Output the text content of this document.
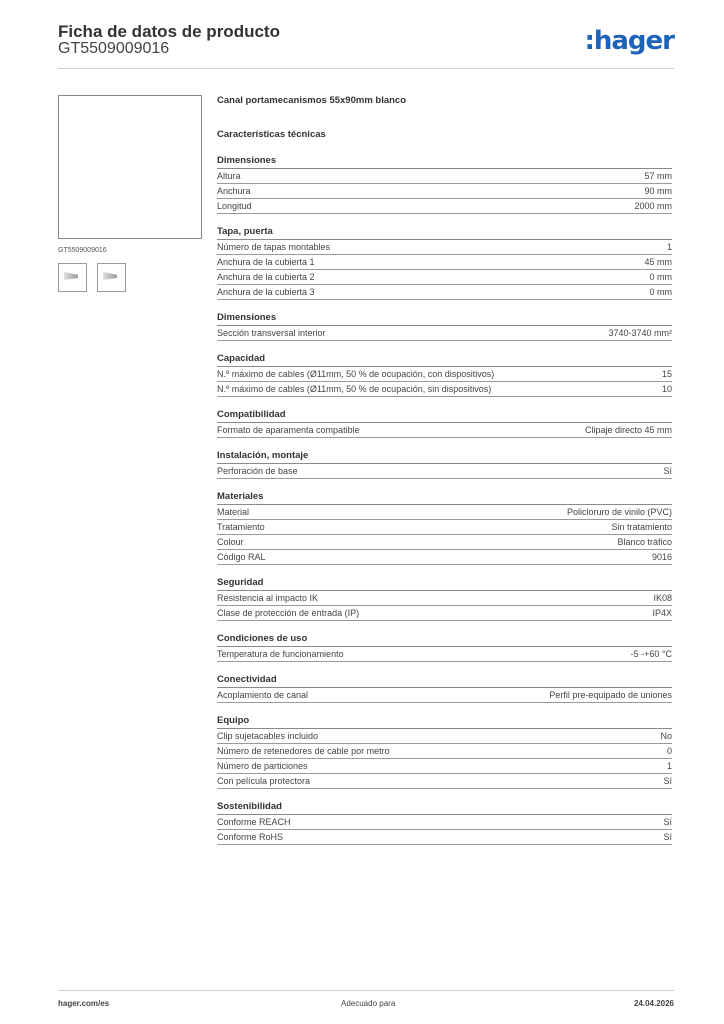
Ficha de datos de producto
GT5509009016	:hager
GT5509009016
Canal portamecanismos 55x90mm blanco
Características técnicas
Dimensiones
Altura	57 mm
Anchura	90 mm
Longitud	2000 mm
Tapa, puerta
Número de tapas montables	1
Anchura de la cubierta 1	45 mm
Anchura de la cubierta 2	0 mm
Anchura de la cubierta 3	0 mm
Dimensiones
Sección transversal interior	3740-3740 mm²
Capacidad
N.º máximo de cables (Ø11mm, 50 % de ocupación, con dispositivos)	15
N.º máximo de cables (Ø11mm, 50 % de ocupación, sin dispositivos)	10
Compatibilidad
Formato de aparamenta compatible	Clipaje directo 45 mm
Instalación, montaje
Perforación de base	Sí
Materiales
Material	Policloruro de vinilo (PVC)
Tratamiento	Sin tratamiento
Colour	Blanco tráfico
Código RAL	9016
Seguridad
Resistencia al impacto IK	IK08
Clase de protección de entrada (IP)	IP4X
Condiciones de uso
Temperatura de funcionamiento	-5 -+60 °C
Conectividad
Acoplamiento de canal	Perfil pre-equipado de uniones
Equipo
Clip sujetacables incluido	No
Número de retenedores de cable por metro	0
Número de particiones	1
Con película protectora	Sí
Sostenibilidad
Conforme REACH	Sí
Conforme RoHS	Sí
hager.com/es	Adecuado para	24.04.2026
